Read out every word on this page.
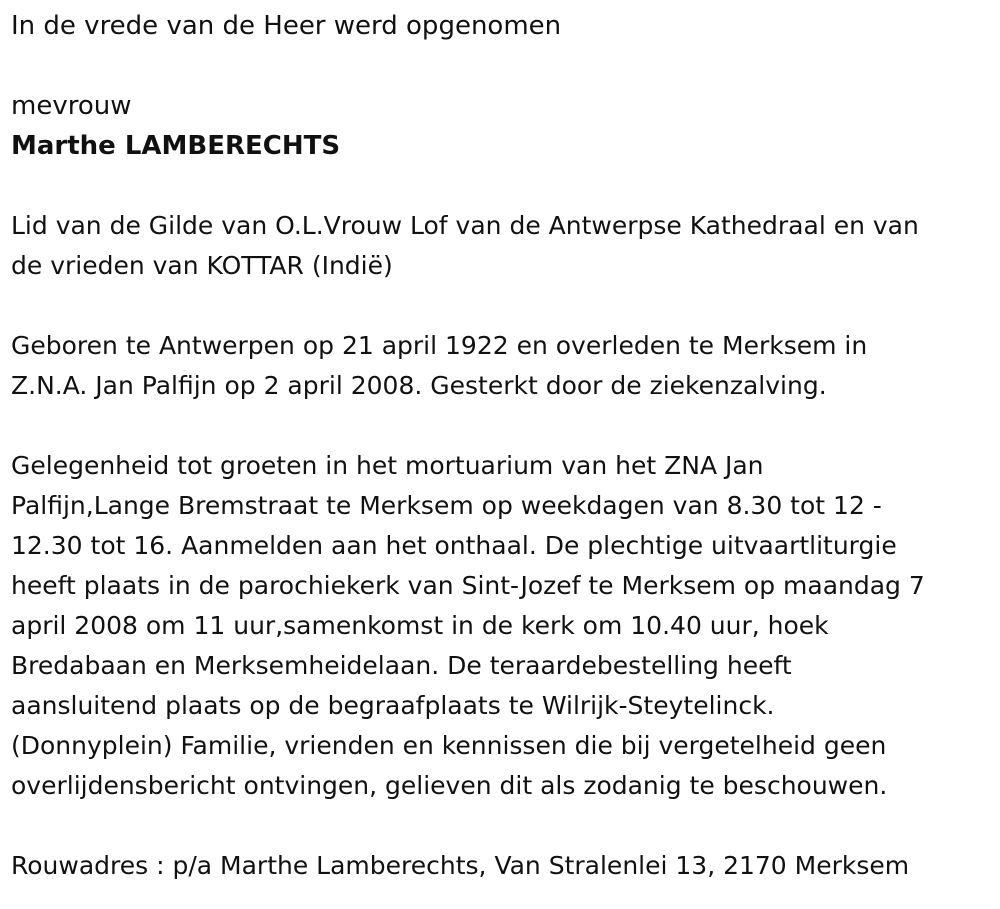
In de vrede van de Heer werd opgenomen

mevrouw

Marthe LAMBERECHTS

Lid van de Gilde van O.L.Vrouw Lof van de Antwerpse Kathedraal en van
de vrieden van KOTTAR (Indië)

Geboren te Antwerpen op 21 april 1922 en overleden te Merksem in
Z.N.A. Jan Palfijn op 2 april 2008. Gesterkt door de ziekenzalving.

Gelegenheid tot groeten in het mortuarium van het ZNA Jan
Palfijn,Lange Bremstraat te Merksem op weekdagen van 8.30 tot 12 -
12.30 tot 16. Aanmelden aan het onthaal. De plechtige uitvaartliturgie
heeft plaats in de parochiekerk van Sint-Jozef te Merksem op maandag 7
april 2008 om 11 uur,samenkomst in de kerk om 10.40 uur, hoek
Bredabaan en Merksemheidelaan. De teraardebestelling heeft
aansluitend plaats op de begraafplaats te Wilrijk-Steytelinck.
(Donnyplein) Familie, vrienden en kennissen die bij vergetelheid geen
overlijdensbericht ontvingen, gelieven dit als zodanig te beschouwen.

Rouwadres : p/a Marthe Lamberechts, Van Stralenlei 13, 2170 Merksem
